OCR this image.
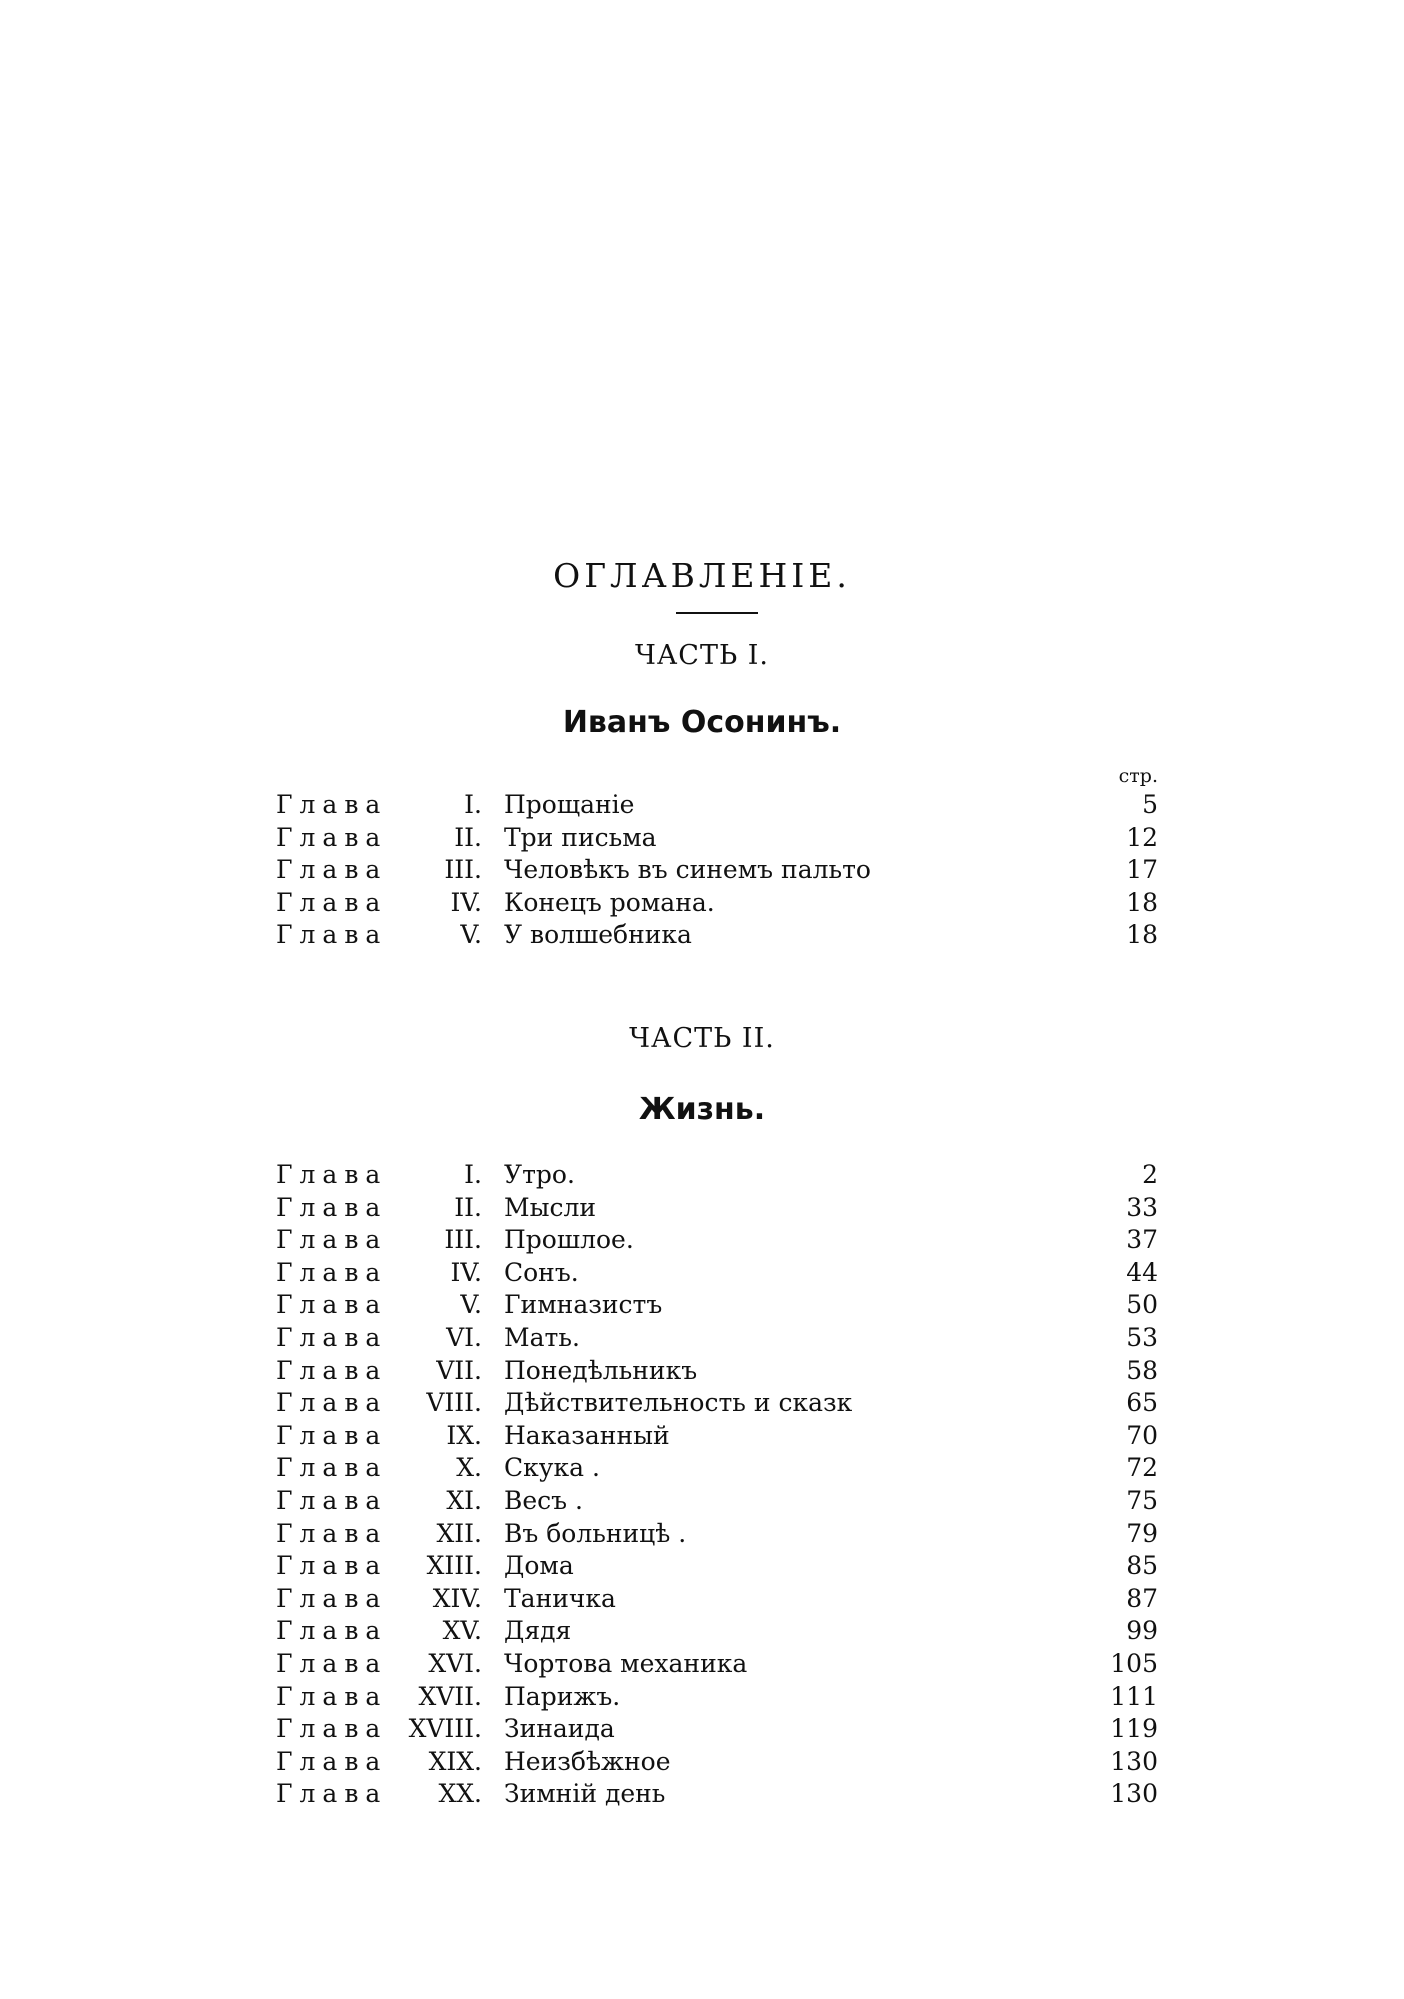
ОГЛАВЛЕНІЕ.
ЧАСТЬ I.
Иванъ Осонинъ.
стр.
Глава	I. Прощаніе	5
Глава	II. Три письма	12
Глава	III. Человѣкъ въ синемъ пальто	17
Глава	IV. Конецъ романа.	18
Глава	V. У волшебника	18
ЧАСТЬ II.
Жизнь.
Глава	I. Утро.	2
Глава	II. Мысли	33
Глава	III. Прошлое.	37
Глава	IV. Сонъ.	44
Глава	V. Гимназистъ	50
Глава	VI. Мать.	53
Глава	VII. Понедѣльникъ	58
Глава	VIII. Дѣйствительность и сказк	65
Глава	IX. Наказанный	70
Глава	X. Скука .	72
Глава	XI. Весъ .	75
Глава	XII. Въ больницѣ .	79
Глава	XIII. Дома	85
Глава	XIV. Таничка	87
Глава	XV. Дядя	99
Глава	XVI. Чортова механика	105
Глава	XVII. Парижъ.	111
Глава XVIII. Зинаида	119
Глава	XIX. Неизбѣжное	130
Глава	XX. Зимній день	130
